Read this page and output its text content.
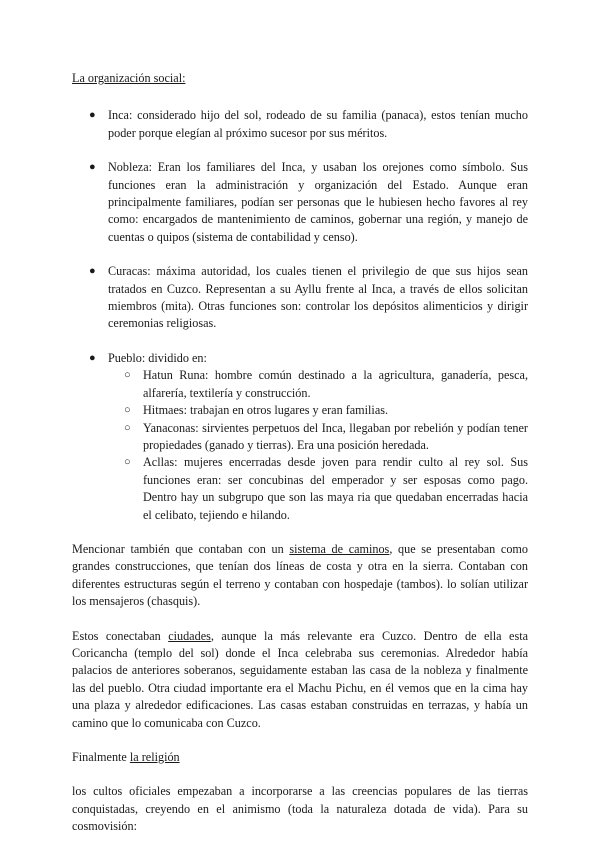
La organización social:

● Inca: considerado hijo del sol, rodeado de su familia (panaca), estos tenían mucho poder porque elegían al próximo sucesor por sus méritos.
● Nobleza: Eran los familiares del Inca, y usaban los orejones como símbolo. Sus funciones eran la administración y organización del Estado. Aunque eran principalmente familiares, podían ser personas que le hubiesen hecho favores al rey como: encargados de mantenimiento de caminos, gobernar una región, y manejo de cuentas o quipos (sistema de contabilidad y censo).
● Curacas: máxima autoridad, los cuales tienen el privilegio de que sus hijos sean tratados en Cuzco. Representan a su Ayllu frente al Inca, a través de ellos solicitan miembros (mita). Otras funciones son: controlar los depósitos alimenticios y dirigir ceremonias religiosas.
● Pueblo: dividido en:
○ Hatun Runa: hombre común destinado a la agricultura, ganadería, pesca, alfarería, textilería y construcción.
○ Hitmaes: trabajan en otros lugares y eran familias.
○ Yanaconas: sirvientes perpetuos del Inca, llegaban por rebelión y podían tener propiedades (ganado y tierras). Era una posición heredada.
○ Acllas: mujeres encerradas desde joven para rendir culto al rey sol. Sus funciones eran: ser concubinas del emperador y ser esposas como pago. Dentro hay un subgrupo que son las maya ria que quedaban encerradas hacia el celibato, tejiendo e hilando.

Mencionar también que contaban con un sistema de caminos, que se presentaban como grandes construcciones, que tenían dos líneas de costa y otra en la sierra. Contaban con diferentes estructuras según el terreno y contaban con hospedaje (tambos). lo solían utilizar los mensajeros (chasquis).

Estos conectaban ciudades, aunque la más relevante era Cuzco. Dentro de ella esta Coricancha (templo del sol) donde el Inca celebraba sus ceremonias. Alrededor había palacios de anteriores soberanos, seguidamente estaban las casa de la nobleza y finalmente las del pueblo. Otra ciudad importante era el Machu Pichu, en él vemos que en la cima hay una plaza y alrededor edificaciones. Las casas estaban construidas en terrazas, y había un camino que lo comunicaba con Cuzco.

Finalmente la religión

los cultos oficiales empezaban a incorporarse a las creencias populares de las tierras conquistadas, creyendo en el animismo (toda la naturaleza dotada de vida). Para su cosmovisión:
